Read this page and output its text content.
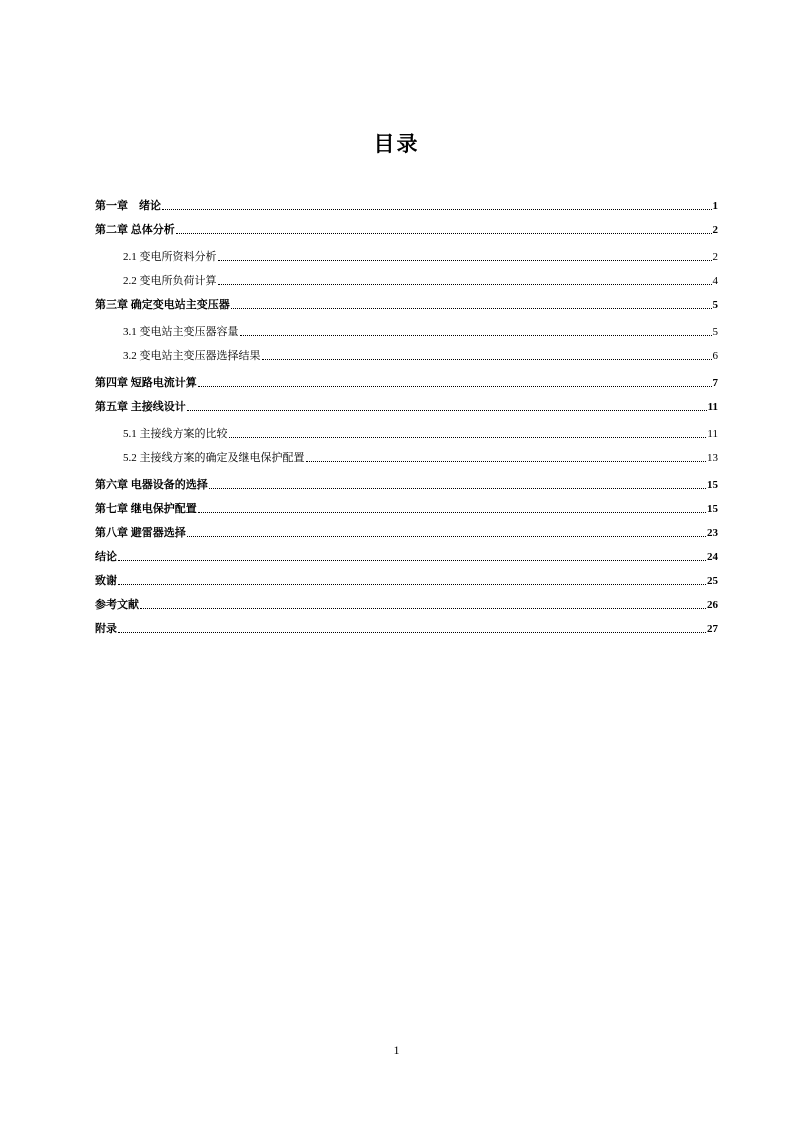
目录
第一章　绪论	1
第二章 总体分析	2
2.1 变电所资料分析	2
2.2 变电所负荷计算	4
第三章 确定变电站主变压器	5
3.1 变电站主变压器容量	5
3.2 变电站主变压器选择结果	6
第四章 短路电流计算	7
第五章 主接线设计	11
5.1 主接线方案的比较	11
5.2 主接线方案的确定及继电保护配置	13
第六章 电器设备的选择	15
第七章 继电保护配置	15
第八章 避雷器选择	23
结论	24
致谢	25
参考文献	26
附录	27
1
